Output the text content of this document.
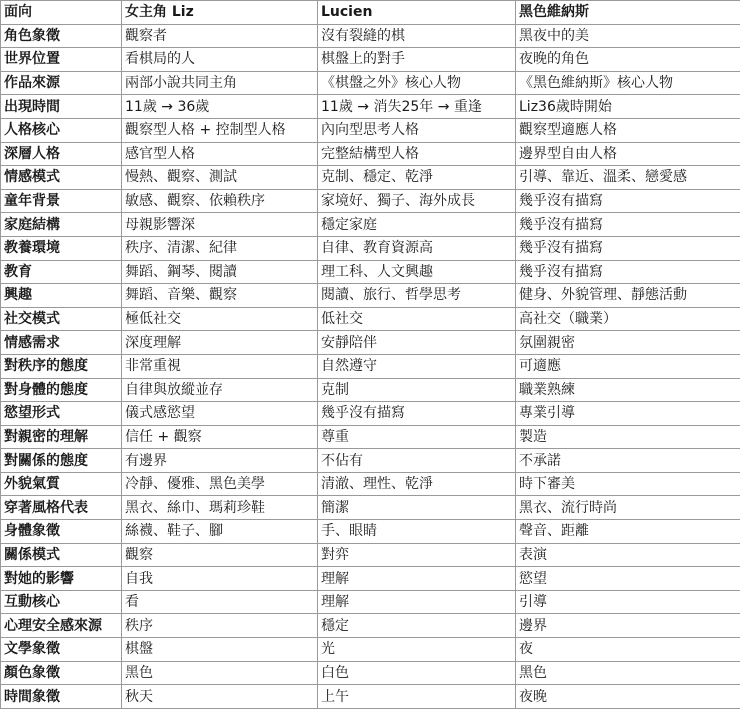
面向	女主角 Liz	Lucien	黑色維納斯
角色象徵	觀察者	沒有裂縫的棋	黑夜中的美
世界位置	看棋局的人	棋盤上的對手	夜晚的角色
作品來源	兩部小說共同主角	《棋盤之外》核心人物	《黑色維納斯》核心人物
出現時間	11歲 → 36歲	11歲 → 消失25年 → 重逢	Liz36歲時開始
人格核心	觀察型人格 + 控制型人格	內向型思考人格	觀察型適應人格
深層人格	感官型人格	完整結構型人格	邊界型自由人格
情感模式	慢熱、觀察、測試	克制、穩定、乾淨	引導、靠近、溫柔、戀愛感
童年背景	敏感、觀察、依賴秩序	家境好、獨子、海外成長	幾乎沒有描寫
家庭結構	母親影響深	穩定家庭	幾乎沒有描寫
教養環境	秩序、清潔、紀律	自律、教育資源高	幾乎沒有描寫
教育	舞蹈、鋼琴、閱讀	理工科、人文興趣	幾乎沒有描寫
興趣	舞蹈、音樂、觀察	閱讀、旅行、哲學思考	健身、外貌管理、靜態活動
社交模式	極低社交	低社交	高社交（職業）
情感需求	深度理解	安靜陪伴	氛圍親密
對秩序的態度	非常重視	自然遵守	可適應
對身體的態度	自律與放縱並存	克制	職業熟練
慾望形式	儀式感慾望	幾乎沒有描寫	專業引導
對親密的理解	信任 + 觀察	尊重	製造
對關係的態度	有邊界	不佔有	不承諾
外貌氣質	冷靜、優雅、黑色美學	清澈、理性、乾淨	時下審美
穿著風格代表	黑衣、絲巾、瑪莉珍鞋	簡潔	黑衣、流行時尚
身體象徵	絲襪、鞋子、腳	手、眼睛	聲音、距離
關係模式	觀察	對弈	表演
對她的影響	自我	理解	慾望
互動核心	看	理解	引導
心理安全感來源	秩序	穩定	邊界
文學象徵	棋盤	光	夜
顏色象徵	黑色	白色	黑色
時間象徵	秋天	上午	夜晚
